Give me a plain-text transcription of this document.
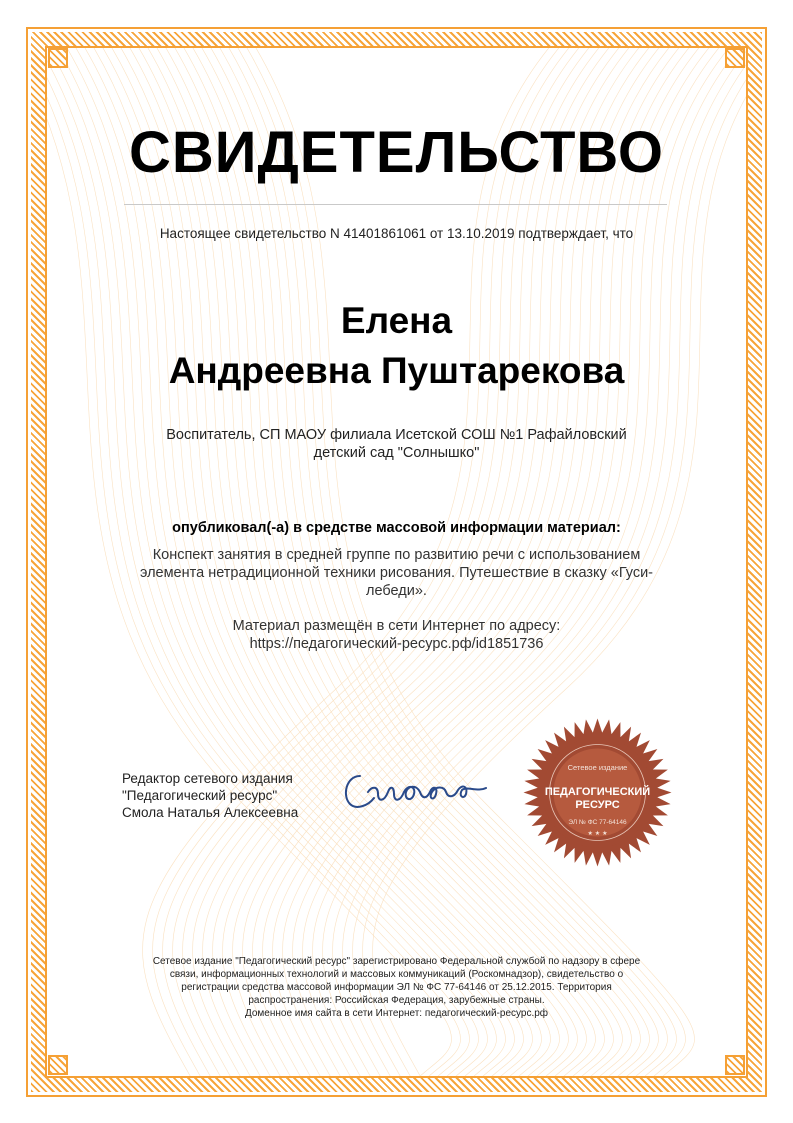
СВИДЕТЕЛЬСТВО
Настоящее свидетельство N 41401861061 от 13.10.2019 подтверждает, что
Елена
Андреевна Пуштарекова
Воспитатель, СП МАОУ филиала Исетской СОШ №1 Рафайловский
детский сад "Солнышко"
опубликовал(-а) в средстве массовой информации материал:
Конспект занятия в средней группе по развитию речи с использованием
элемента нетрадиционной техники рисования. Путешествие в сказку «Гуси-
лебеди».
Материал размещён в сети Интернет по адресу:
https://педагогический-ресурс.рф/id1851736
Редактор сетевого издания
"Педагогический ресурс"
Смола Наталья Алексеевна
Сетевое издание
ПЕДАГОГИЧЕСКИЙ
РЕСУРС
ЭЛ № ФС 77-64146
★ ★ ★
Сетевое издание "Педагогический ресурс" зарегистрировано Федеральной службой по надзору в сфере
связи, информационных технологий и массовых коммуникаций (Роскомнадзор), свидетельство о
регистрации средства массовой информации ЭЛ № ФС 77-64146 от 25.12.2015. Территория
распространения: Российская Федерация, зарубежные страны.
Доменное имя сайта в сети Интернет: педагогический-ресурс.рф
